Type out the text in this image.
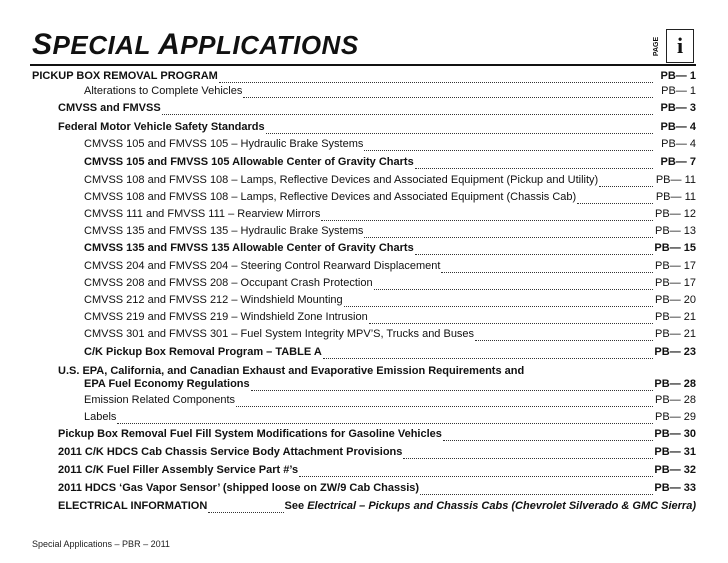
SPECIAL APPLICATIONS	PAGE i
PICKUP BOX REMOVAL PROGRAM	PB— 1
Alterations to Complete Vehicles	PB— 1
CMVSS and FMVSS	PB— 3
Federal Motor Vehicle Safety Standards	PB— 4
CMVSS 105 and FMVSS 105 – Hydraulic Brake Systems	PB— 4
CMVSS 105 and FMVSS 105 Allowable Center of Gravity Charts	PB— 7
CMVSS 108 and FMVSS 108 – Lamps, Reflective Devices and Associated Equipment (Pickup and Utility)	PB— 11
CMVSS 108 and FMVSS 108 – Lamps, Reflective Devices and Associated Equipment (Chassis Cab)	PB— 11
CMVSS 111 and FMVSS 111 – Rearview Mirrors	PB— 12
CMVSS 135 and FMVSS 135 – Hydraulic Brake Systems	PB— 13
CMVSS 135 and FMVSS 135 Allowable Center of Gravity Charts	PB— 15
CMVSS 204 and FMVSS 204 – Steering Control Rearward Displacement	PB— 17
CMVSS 208 and FMVSS 208 – Occupant Crash Protection	PB— 17
CMVSS 212 and FMVSS 212 – Windshield Mounting	PB— 20
CMVSS 219 and FMVSS 219 – Windshield Zone Intrusion	PB— 21
CMVSS 301 and FMVSS 301 – Fuel System Integrity MPV’S, Trucks and Buses	PB— 21
C/K Pickup Box Removal Program – TABLE A	PB— 23
U.S. EPA, California, and Canadian Exhaust and Evaporative Emission Requirements and
EPA Fuel Economy Regulations	PB— 28
Emission Related Components	PB— 28
Labels	PB— 29
Pickup Box Removal Fuel Fill System Modifications for Gasoline Vehicles	PB— 30
2011 C/K HDCS Cab Chassis Service Body Attachment Provisions	PB— 31
2011 C/K Fuel Filler Assembly Service Part #’s	PB— 32
2011 HDCS ‘Gas Vapor Sensor’ (shipped loose on ZW/9 Cab Chassis)	PB— 33
ELECTRICAL INFORMATION	See Electrical – Pickups and Chassis Cabs (Chevrolet Silverado & GMC Sierra)
Special Applications – PBR – 2011
